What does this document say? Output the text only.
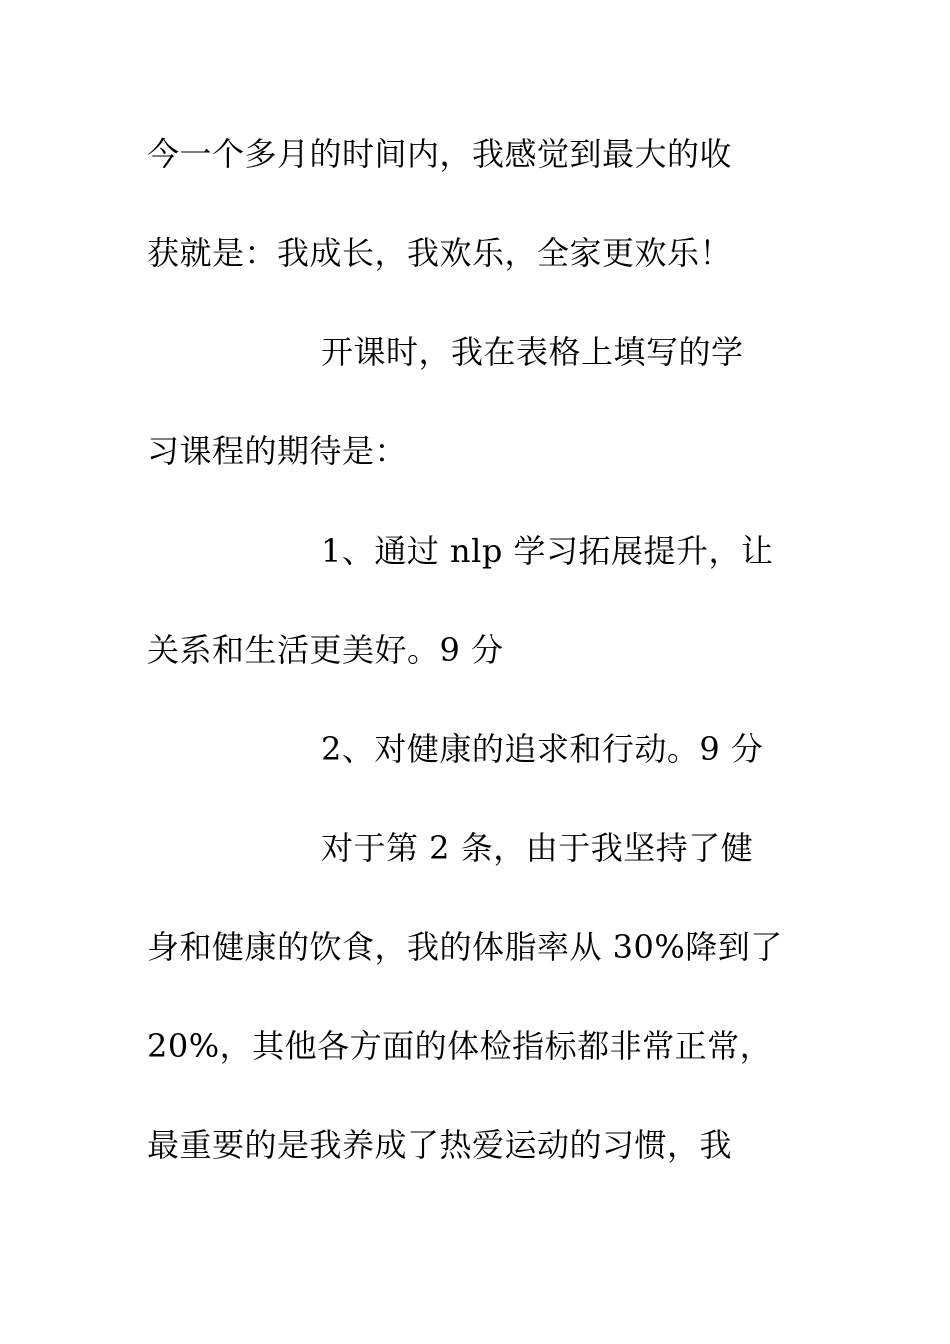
今一个多月的时间内，我感觉到最大的收
获就是：我成长，我欢乐，全家更欢乐！
开课时，我在表格上填写的学
习课程的期待是：
1、通过 nlp 学习拓展提升，让
关系和生活更美好。9 分
2、对健康的追求和行动。9 分
对于第 2 条，由于我坚持了健
身和健康的饮食，我的体脂率从 30%降到了
20%，其他各方面的体检指标都非常正常，
最重要的是我养成了热爱运动的习惯，我
